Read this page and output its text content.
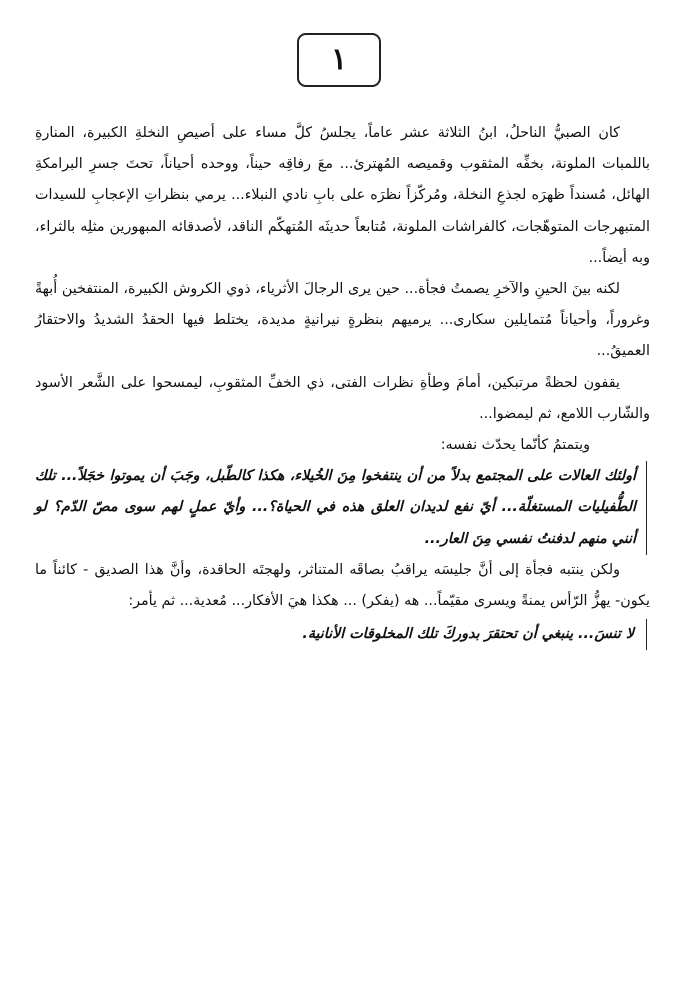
١

كان الصبيُّ الناحلُ، ابنُ الثلاثة عشر عاماً، يجلسُ كلَّ مساء على أصيصِ النخلةِ الكبيرة، المنارةِ باللمبات الملونة، بخفِّه المثقوب وقميصه المُهترئ... معَ رفاقِه حيناً، ووحده أحياناً، تحتَ جسرِ البرامكةِ الهائل، مُسنداً ظهرَه لجذعِ النخلة، ومُركّزاً نظرَه على بابِ نادي النبلاء... يرمي بنظراتِ الإعجابِ للسيدات المتبهرجات المتوهّجات، كالفراشات الملونة، مُتابعاً حديثَه المُتهكّم الناقد، لأصدقائه المبهورين مثلِه بالثراء، وبه أيضاً...

لكنه بينَ الحينِ والآخرِ يصمتُ فجأة... حين يرى الرجالَ الأثرياء، ذوي الكروش الكبيرة، المنتفخين أُبهةً وغروراً، وأحياناً مُتمايلين سكارى... يرميهم بنظرةٍ نيرانيةٍ مديدة، يختلط فيها الحقدُ الشديدُ والاحتقارُ العميقُ...

يقفون لحظةً مرتبكين، أمامَ وطأةِ نظرات الفتى، ذي الخفِّ المثقوبِ، ليمسحوا على الشَّعر الأسود والشّارب اللامع، ثم ليمضوا...

ويتمتمُ كأنّما يحدّث نفسه:

أولئك العالات على المجتمع بدلاً من أن ينتفخوا مِنَ الخُيلاء، هكذا كالطّبل، وجَبَ أن يموتوا خجَلاً... تلك الطُّفيليات المستغلّة... أيّ نفع لديدان العلق هذه في الحياة؟... وأيّ عملٍ لهم سوى مصّ الدّم؟ لو أنني منهم لدفنتُ نفسي مِنَ العار...

ولكن ينتبه فجأة إلى أنَّ جليسَه يراقبُ بصاقَه المتناثر، ولهجتَه الحاقدة، وأنَّ هذا الصديق - كائناً ما يكون- يهزُّ الرّأس يمنةً ويسرى مقيّماً... هه (يفكر) ... هكذا هيَ الأفكار... مُعدية... ثم يأمر:

لا تنسَ... ينبغي أن تحتقرَ بدوركَ تلك المخلوقات الأنانية.
